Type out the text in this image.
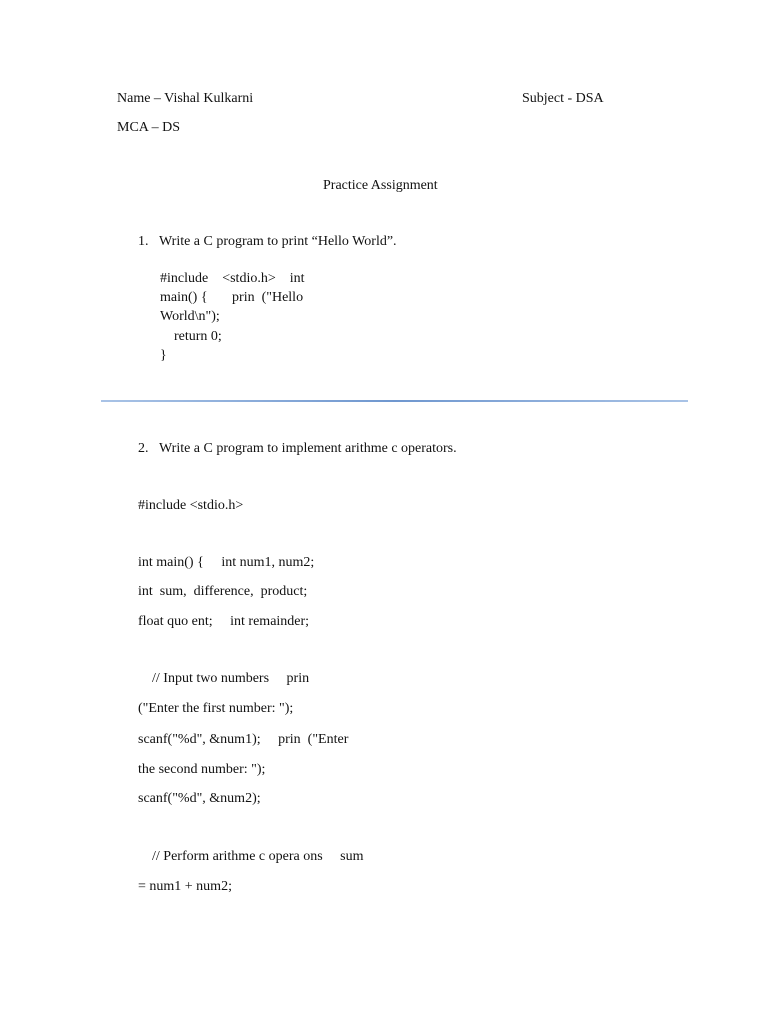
Name – Vishal Kulkarni	Subject - DSA
MCA – DS
Practice Assignment
1. Write a C program to print “Hello World”.
#include    <stdio.h>    int
main() {       prin  ("Hello
World\n");
return 0;
}
2. Write a C program to implement arithme c operators.
#include <stdio.h>
int main() {     int num1, num2;
int  sum,  difference,  product;
float quo ent;     int remainder;
// Input two numbers     prin
("Enter the first number: ");
scanf("%d", &num1);     prin  ("Enter
the second number: ");
scanf("%d", &num2);
// Perform arithme c opera ons     sum
= num1 + num2;
